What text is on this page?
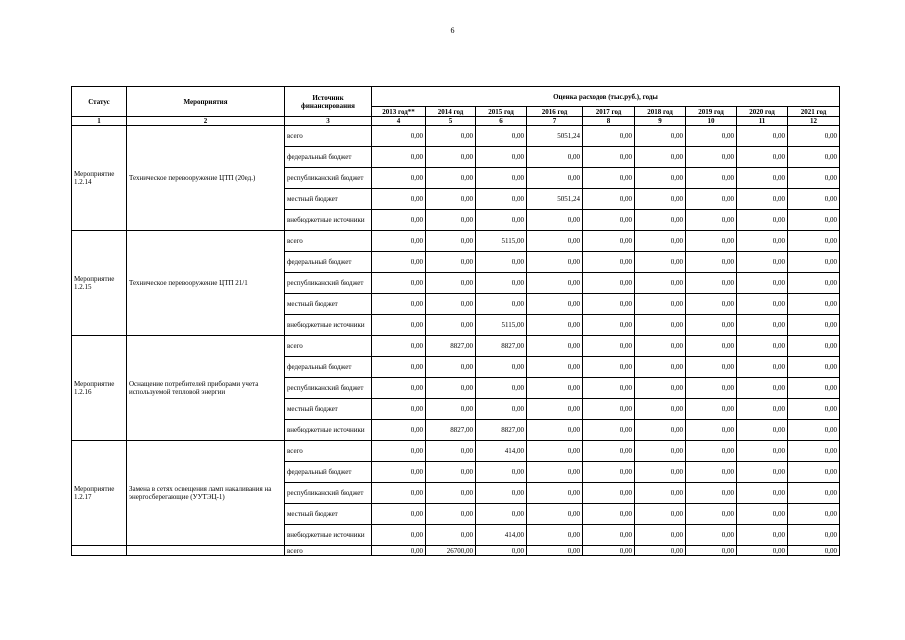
6
Статус	Мероприятия	Источник финансирования	Оценка расходов (тыс.руб.), годы								
			2013 год**	2014 год	2015 год	2016 год	2017 год	2018 год	2019 год	2020 год	2021 год
1	2	3	4	5	6	7	8	9	10	11	12
Мероприятие 1.2.14	Техническое перевооружение ЦТП (20ед.)	всего	0,00	0,00	0,00	5051,24	0,00	0,00	0,00	0,00	0,00
		федеральный бюджет	0,00	0,00	0,00	0,00	0,00	0,00	0,00	0,00	0,00
		республиканский бюджет	0,00	0,00	0,00	0,00	0,00	0,00	0,00	0,00	0,00
		местный бюджет	0,00	0,00	0,00	5051,24	0,00	0,00	0,00	0,00	0,00
		внебюджетные источники	0,00	0,00	0,00	0,00	0,00	0,00	0,00	0,00	0,00
Мероприятие 1.2.15	Техническое перевооружение ЦТП 21/1	всего	0,00	0,00	5115,00	0,00	0,00	0,00	0,00	0,00	0,00
		федеральный бюджет	0,00	0,00	0,00	0,00	0,00	0,00	0,00	0,00	0,00
		республиканский бюджет	0,00	0,00	0,00	0,00	0,00	0,00	0,00	0,00	0,00
		местный бюджет	0,00	0,00	0,00	0,00	0,00	0,00	0,00	0,00	0,00
		внебюджетные источники	0,00	0,00	5115,00	0,00	0,00	0,00	0,00	0,00	0,00
Мероприятие 1.2.16	Оснащение потребителей приборами учета используемой тепловой энергии	всего	0,00	8827,00	8827,00	0,00	0,00	0,00	0,00	0,00	0,00
		федеральный бюджет	0,00	0,00	0,00	0,00	0,00	0,00	0,00	0,00	0,00
		республиканский бюджет	0,00	0,00	0,00	0,00	0,00	0,00	0,00	0,00	0,00
		местный бюджет	0,00	0,00	0,00	0,00	0,00	0,00	0,00	0,00	0,00
		внебюджетные источники	0,00	8827,00	8827,00	0,00	0,00	0,00	0,00	0,00	0,00
Мероприятие 1.2.17	Замена в сетях освещения ламп накаливания на энергосберегающие (УУТЭЦ-1)	всего	0,00	0,00	414,00	0,00	0,00	0,00	0,00	0,00	0,00
		федеральный бюджет	0,00	0,00	0,00	0,00	0,00	0,00	0,00	0,00	0,00
		республиканский бюджет	0,00	0,00	0,00	0,00	0,00	0,00	0,00	0,00	0,00
		местный бюджет	0,00	0,00	0,00	0,00	0,00	0,00	0,00	0,00	0,00
		внебюджетные источники	0,00	0,00	414,00	0,00	0,00	0,00	0,00	0,00	0,00
		всего	0,00	26700,00	0,00	0,00	0,00	0,00	0,00	0,00	0,00
